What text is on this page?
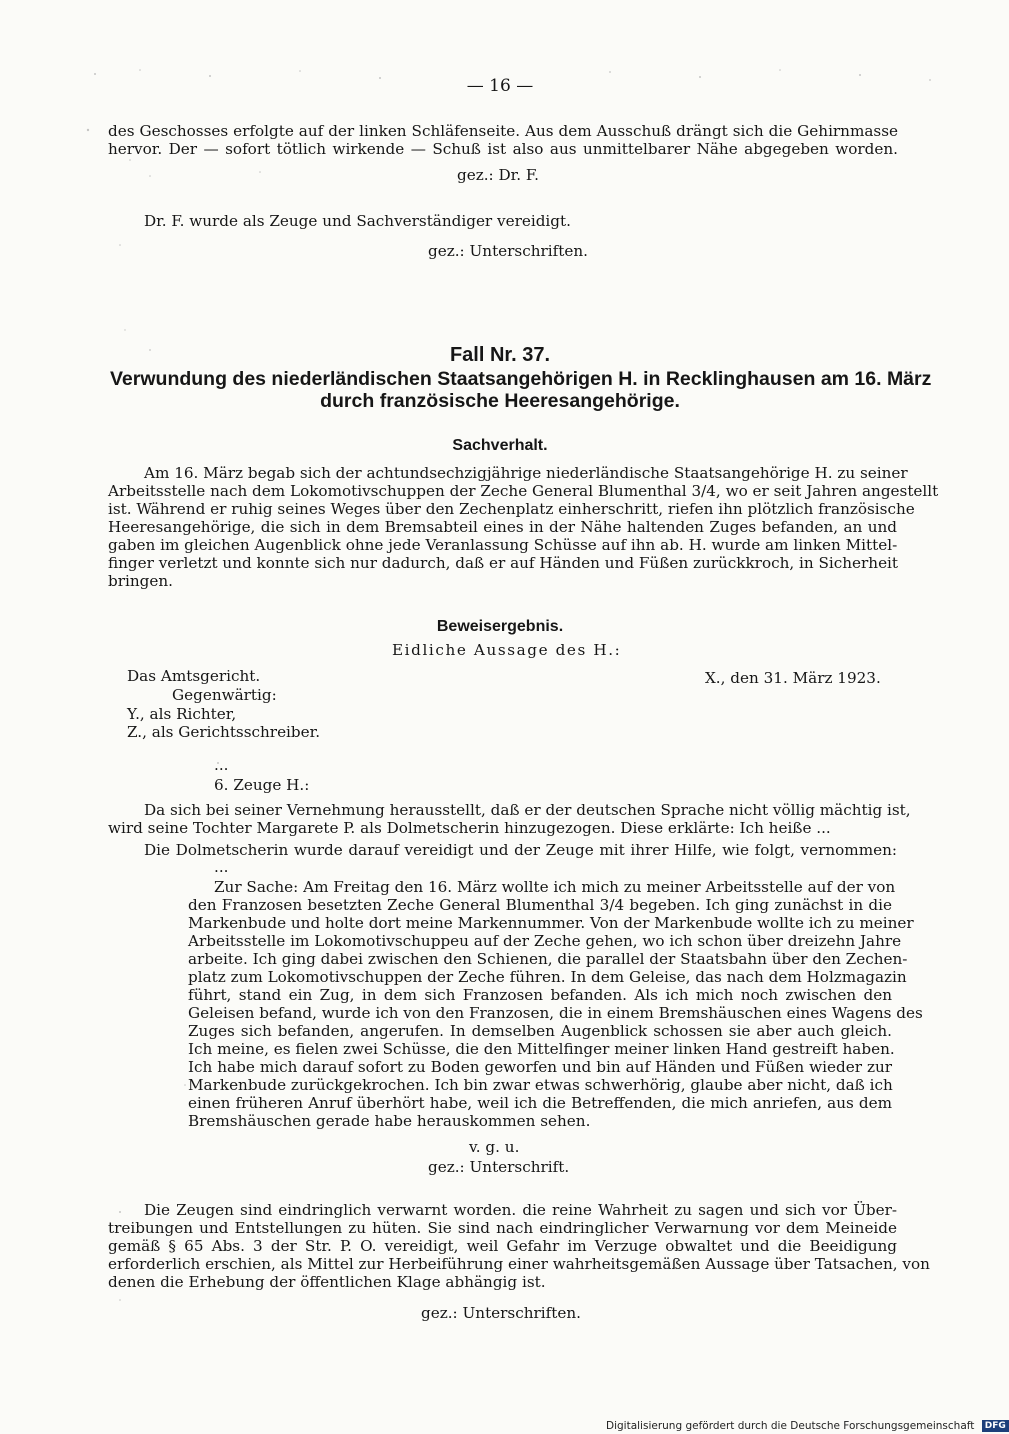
— 16 —
des Geschosses erfolgte auf der linken Schläfenseite. Aus dem Ausschuß drängt sich die Gehirnmasse
hervor. Der — sofort tötlich wirkende — Schuß ist also aus unmittelbarer Nähe abgegeben worden.
gez.: Dr. F.
Dr. F. wurde als Zeuge und Sachverständiger vereidigt.
gez.: Unterschriften.
Fall Nr. 37.
Verwundung des niederländischen Staatsangehörigen H. in Recklinghausen am 16. März
durch französische Heeresangehörige.
Sachverhalt.
Am 16. März begab sich der achtundsechzigjährige niederländische Staatsangehörige H. zu seiner
Arbeitsstelle nach dem Lokomotivschuppen der Zeche General Blumenthal 3/4, wo er seit Jahren angestellt
ist. Während er ruhig seines Weges über den Zechenplatz einherschritt, riefen ihn plötzlich französische
Heeresangehörige, die sich in dem Bremsabteil eines in der Nähe haltenden Zuges befanden, an und
gaben im gleichen Augenblick ohne jede Veranlassung Schüsse auf ihn ab. H. wurde am linken Mittel-
finger verletzt und konnte sich nur dadurch, daß er auf Händen und Füßen zurückkroch, in Sicherheit
bringen.
Beweisergebnis.
Eidliche Aussage des H.:
Das Amtsgericht.	X., den 31. März 1923.
Gegenwärtig:
Y., als Richter,
Z., als Gerichtsschreiber.
...
6. Zeuge H.:
Da sich bei seiner Vernehmung herausstellt, daß er der deutschen Sprache nicht völlig mächtig ist,
wird seine Tochter Margarete P. als Dolmetscherin hinzugezogen. Diese erklärte: Ich heiße ...
Die Dolmetscherin wurde darauf vereidigt und der Zeuge mit ihrer Hilfe, wie folgt, vernommen:
...
Zur Sache: Am Freitag den 16. März wollte ich mich zu meiner Arbeitsstelle auf der von
den Franzosen besetzten Zeche General Blumenthal 3/4 begeben. Ich ging zunächst in die
Markenbude und holte dort meine Markennummer. Von der Markenbude wollte ich zu meiner
Arbeitsstelle im Lokomotivschuppeu auf der Zeche gehen, wo ich schon über dreizehn Jahre
arbeite. Ich ging dabei zwischen den Schienen, die parallel der Staatsbahn über den Zechen-
platz zum Lokomotivschuppen der Zeche führen. In dem Geleise, das nach dem Holzmagazin
führt, stand ein Zug, in dem sich Franzosen befanden. Als ich mich noch zwischen den
Geleisen befand, wurde ich von den Franzosen, die in einem Bremshäuschen eines Wagens des
Zuges sich befanden, angerufen. In demselben Augenblick schossen sie aber auch gleich.
Ich meine, es fielen zwei Schüsse, die den Mittelfinger meiner linken Hand gestreift haben.
Ich habe mich darauf sofort zu Boden geworfen und bin auf Händen und Füßen wieder zur
Markenbude zurückgekrochen. Ich bin zwar etwas schwerhörig, glaube aber nicht, daß ich
einen früheren Anruf überhört habe, weil ich die Betreffenden, die mich anriefen, aus dem
Bremshäuschen gerade habe herauskommen sehen.
v. g. u.
gez.: Unterschrift.
Die Zeugen sind eindringlich verwarnt worden. die reine Wahrheit zu sagen und sich vor Über-
treibungen und Entstellungen zu hüten. Sie sind nach eindringlicher Verwarnung vor dem Meineide
gemäß § 65 Abs. 3 der Str. P. O. vereidigt, weil Gefahr im Verzuge obwaltet und die Beeidigung
erforderlich erschien, als Mittel zur Herbeiführung einer wahrheitsgemäßen Aussage über Tatsachen, von
denen die Erhebung der öffentlichen Klage abhängig ist.
gez.: Unterschriften.
Digitalisierung gefördert durch die Deutsche Forschungsgemeinschaft DFG
